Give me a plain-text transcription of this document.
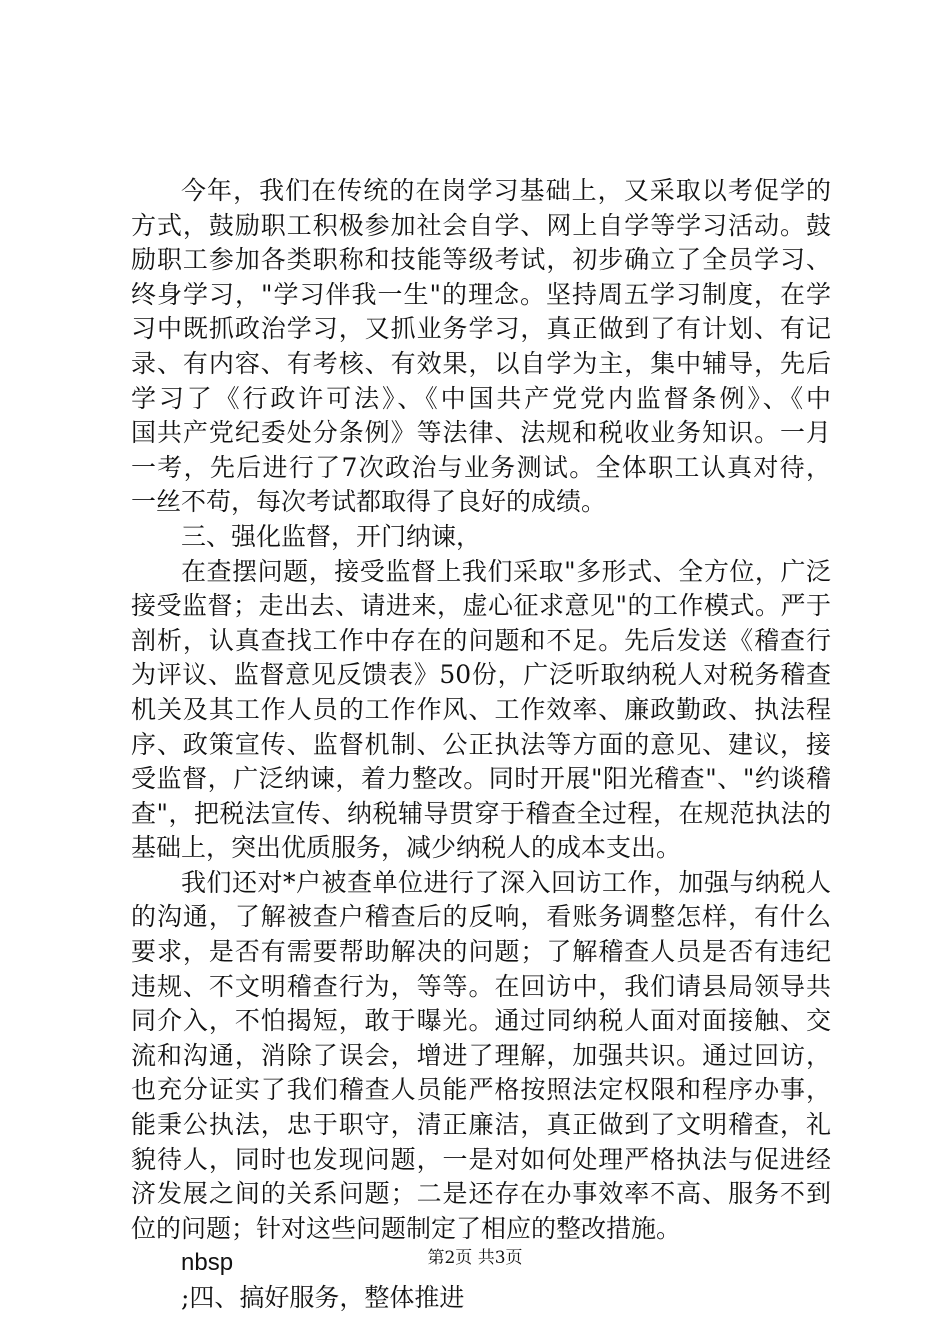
今年，我们在传统的在岗学习基础上，又采取以考促学的
方式，鼓励职工积极参加社会自学、网上自学等学习活动。鼓
励职工参加各类职称和技能等级考试，初步确立了全员学习、
终身学习，"学习伴我一生"的理念。坚持周五学习制度，在学
习中既抓政治学习，又抓业务学习，真正做到了有计划、有记
录、有内容、有考核、有效果，以自学为主，集中辅导，先后
学习了《行政许可法》、《中国共产党党内监督条例》、《中
国共产党纪委处分条例》等法律、法规和税收业务知识。一月
一考，先后进行了7次政治与业务测试。全体职工认真对待，
一丝不苟，每次考试都取得了良好的成绩。
三、强化监督，开门纳谏，
在查摆问题，接受监督上我们采取"多形式、全方位，广泛
接受监督；走出去、请进来，虚心征求意见"的工作模式。严于
剖析，认真查找工作中存在的问题和不足。先后发送《稽查行
为评议、监督意见反馈表》50份，广泛听取纳税人对税务稽查
机关及其工作人员的工作作风、工作效率、廉政勤政、执法程
序、政策宣传、监督机制、公正执法等方面的意见、建议，接
受监督，广泛纳谏，着力整改。同时开展"阳光稽查"、"约谈稽
查"，把税法宣传、纳税辅导贯穿于稽查全过程，在规范执法的
基础上，突出优质服务，减少纳税人的成本支出。
我们还对*户被查单位进行了深入回访工作，加强与纳税人
的沟通，了解被查户稽查后的反响，看账务调整怎样，有什么
要求，是否有需要帮助解决的问题；了解稽查人员是否有违纪
违规、不文明稽查行为，等等。在回访中，我们请县局领导共
同介入，不怕揭短，敢于曝光。通过同纳税人面对面接触、交
流和沟通，消除了误会，增进了理解，加强共识。通过回访，
也充分证实了我们稽查人员能严格按照法定权限和程序办事，
能秉公执法，忠于职守，清正廉洁，真正做到了文明稽查，礼
貌待人，同时也发现问题，一是对如何处理严格执法与促进经
济发展之间的关系问题；二是还存在办事效率不高、服务不到
位的问题；针对这些问题制定了相应的整改措施。
nbsp
;四、搞好服务，整体推进
第2页 共3页
